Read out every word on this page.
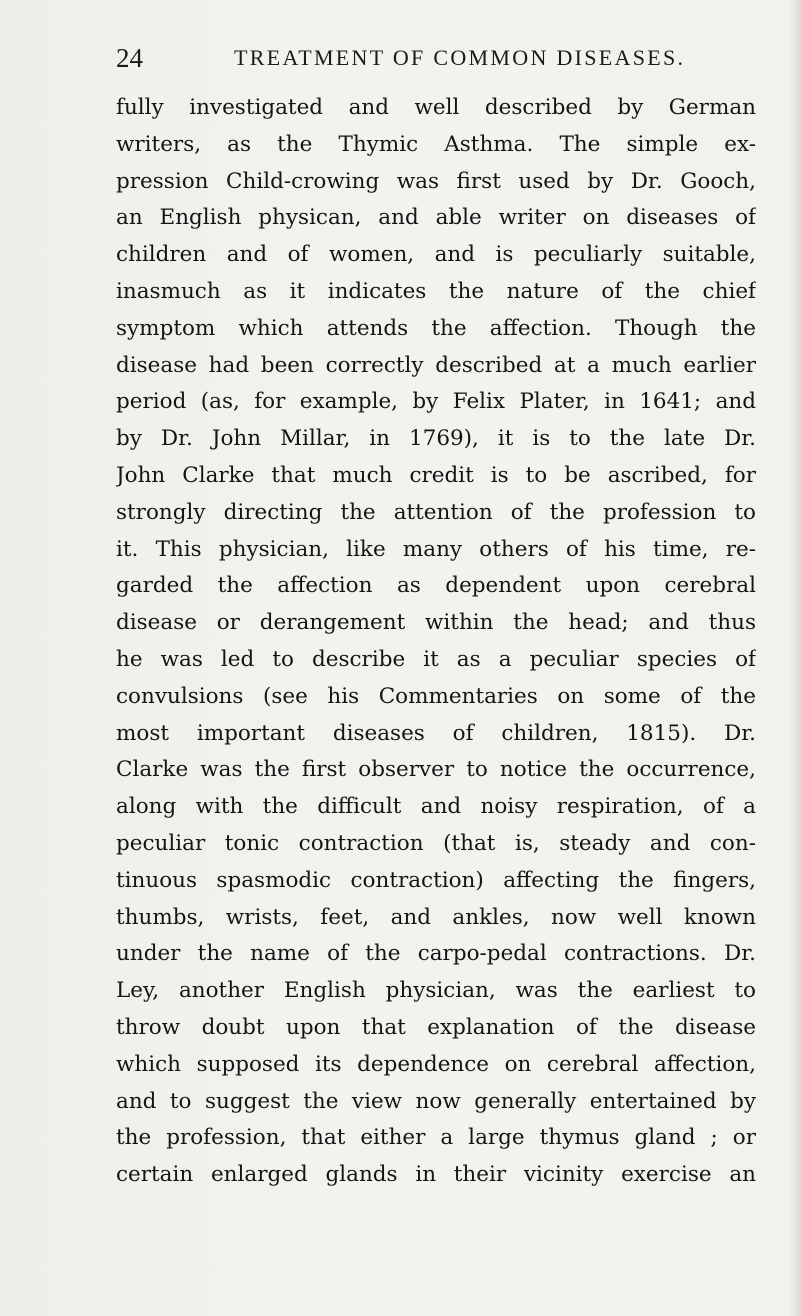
24	TREATMENT OF COMMON DISEASES.
fully investigated and well described by German
writers, as the Thymic Asthma. The simple ex-
pression Child-crowing was first used by Dr. Gooch,
an English physican, and able writer on diseases of
children and of women, and is peculiarly suitable,
inasmuch as it indicates the nature of the chief
symptom which attends the affection. Though the
disease had been correctly described at a much earlier
period (as, for example, by Felix Plater, in 1641; and
by Dr. John Millar, in 1769), it is to the late Dr.
John Clarke that much credit is to be ascribed, for
strongly directing the attention of the profession to
it. This physician, like many others of his time, re-
garded the affection as dependent upon cerebral
disease or derangement within the head; and thus
he was led to describe it as a peculiar species of
convulsions (see his Commentaries on some of the
most important diseases of children, 1815). Dr.
Clarke was the first observer to notice the occurrence,
along with the difficult and noisy respiration, of a
peculiar tonic contraction (that is, steady and con-
tinuous spasmodic contraction) affecting the fingers,
thumbs, wrists, feet, and ankles, now well known
under the name of the carpo-pedal contractions. Dr.
Ley, another English physician, was the earliest to
throw doubt upon that explanation of the disease
which supposed its dependence on cerebral affection,
and to suggest the view now generally entertained by
the profession, that either a large thymus gland ; or
certain enlarged glands in their vicinity exercise an
